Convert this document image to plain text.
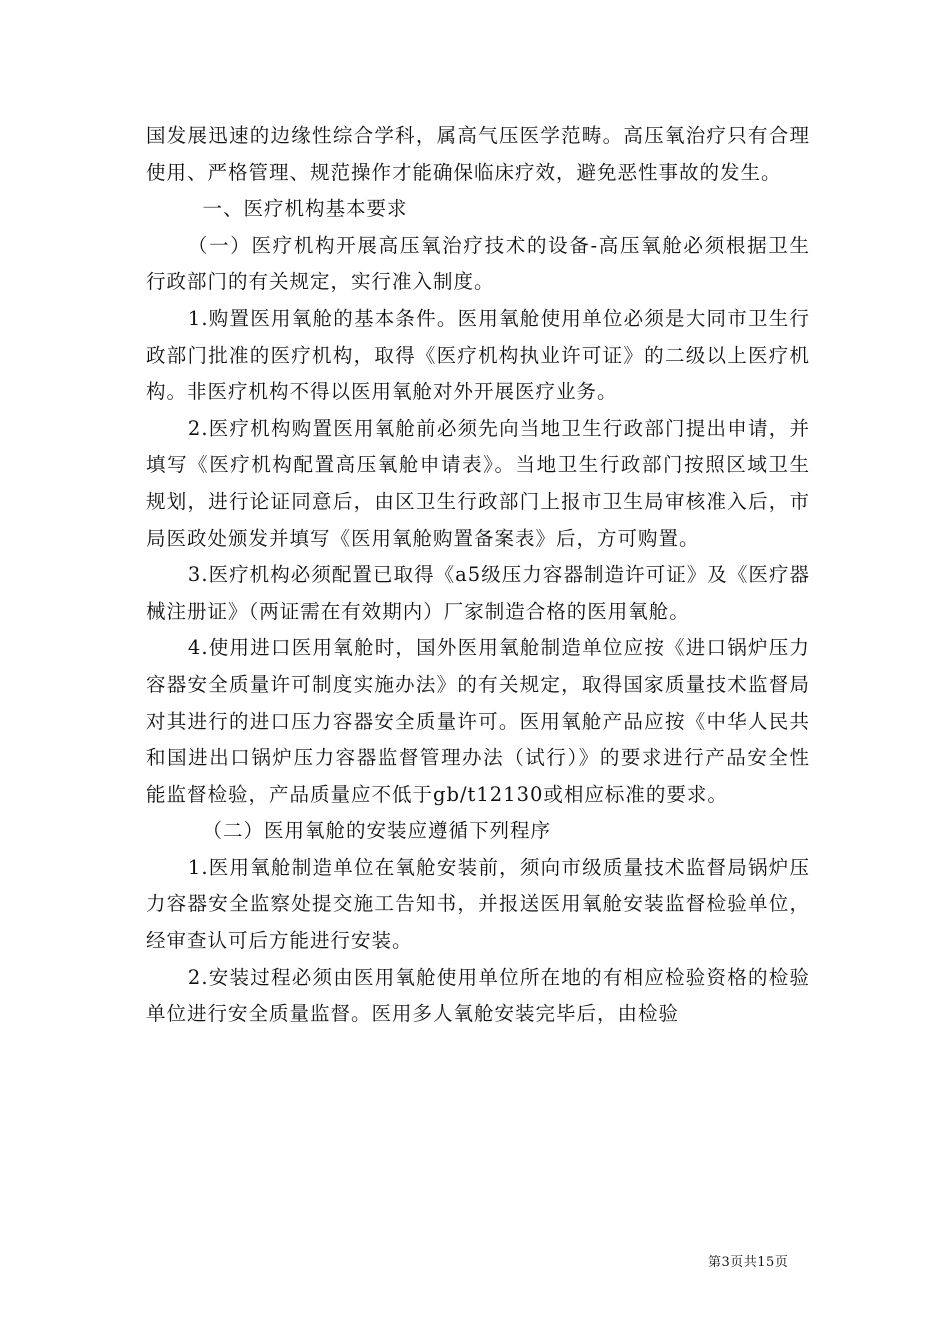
国发展迅速的边缘性综合学科，属高气压医学范畴。高压氧治疗只有合理使用、严格管理、规范操作才能确保临床疗效，避免恶性事故的发生。

一、医疗机构基本要求

（一）医疗机构开展高压氧治疗技术的设备-高压氧舱必须根据卫生行政部门的有关规定，实行准入制度。

1.购置医用氧舱的基本条件。医用氧舱使用单位必须是大同市卫生行政部门批准的医疗机构，取得《医疗机构执业许可证》的二级以上医疗机构。非医疗机构不得以医用氧舱对外开展医疗业务。

2.医疗机构购置医用氧舱前必须先向当地卫生行政部门提出申请，并填写《医疗机构配置高压氧舱申请表》。当地卫生行政部门按照区域卫生规划，进行论证同意后，由区卫生行政部门上报市卫生局审核准入后，市局医政处颁发并填写《医用氧舱购置备案表》后，方可购置。

3.医疗机构必须配置已取得《a5级压力容器制造许可证》及《医疗器械注册证》（两证需在有效期内）厂家制造合格的医用氧舱。

4.使用进口医用氧舱时，国外医用氧舱制造单位应按《进口锅炉压力容器安全质量许可制度实施办法》的有关规定，取得国家质量技术监督局对其进行的进口压力容器安全质量许可。医用氧舱产品应按《中华人民共和国进出口锅炉压力容器监督管理办法（试行）》的要求进行产品安全性能监督检验，产品质量应不低于gb/t12130或相应标准的要求。

（二）医用氧舱的安装应遵循下列程序

1.医用氧舱制造单位在氧舱安装前，须向市级质量技术监督局锅炉压力容器安全监察处提交施工告知书，并报送医用氧舱安装监督检验单位，经审查认可后方能进行安装。

2.安装过程必须由医用氧舱使用单位所在地的有相应检验资格的检验单位进行安全质量监督。医用多人氧舱安装完毕后，由检验

第3页共15页
